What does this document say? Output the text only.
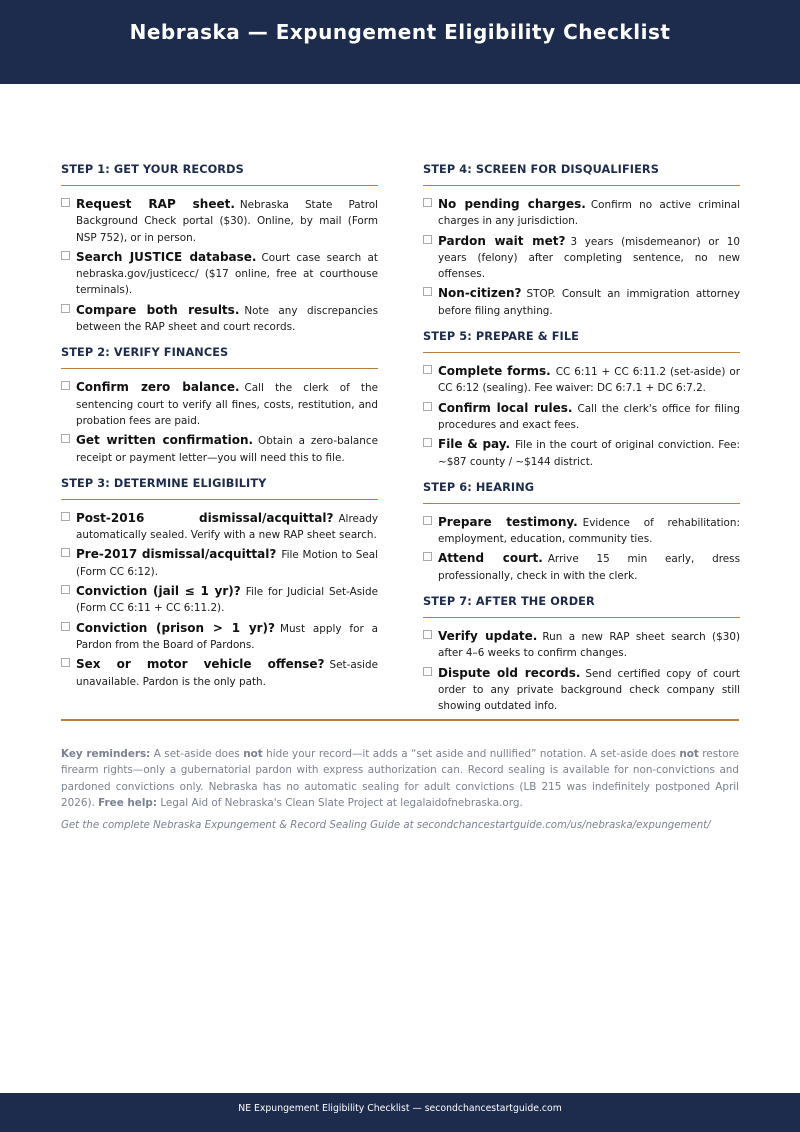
Nebraska — Expungement Eligibility Checklist
STEP 1: GET YOUR RECORDS
Request RAP sheet. Nebraska State Patrol Background Check portal ($30). Online, by mail (Form NSP 752), or in person.
Search JUSTICE database. Court case search at nebraska.gov/justicecc/ ($17 online, free at courthouse terminals).
Compare both results. Note any discrepancies between the RAP sheet and court records.
STEP 2: VERIFY FINANCES
Confirm zero balance. Call the clerk of the sentencing court to verify all fines, costs, restitution, and probation fees are paid.
Get written confirmation. Obtain a zero-balance receipt or payment letter—you will need this to file.
STEP 3: DETERMINE ELIGIBILITY
Post-2016 dismissal/acquittal? Already automatically sealed. Verify with a new RAP sheet search.
Pre-2017 dismissal/acquittal? File Motion to Seal (Form CC 6:12).
Conviction (jail ≤ 1 yr)? File for Judicial Set-Aside (Form CC 6:11 + CC 6:11.2).
Conviction (prison > 1 yr)? Must apply for a Pardon from the Board of Pardons.
Sex or motor vehicle offense? Set-aside unavailable. Pardon is the only path.
STEP 4: SCREEN FOR DISQUALIFIERS
No pending charges. Confirm no active criminal charges in any jurisdiction.
Pardon wait met? 3 years (misdemeanor) or 10 years (felony) after completing sentence, no new offenses.
Non-citizen? STOP. Consult an immigration attorney before filing anything.
STEP 5: PREPARE & FILE
Complete forms. CC 6:11 + CC 6:11.2 (set-aside) or CC 6:12 (sealing). Fee waiver: DC 6:7.1 + DC 6:7.2.
Confirm local rules. Call the clerk's office for filing procedures and exact fees.
File & pay. File in the court of original conviction. Fee: ∼$87 county / ∼$144 district.
STEP 6: HEARING
Prepare testimony. Evidence of rehabilitation: employment, education, community ties.
Attend court. Arrive 15 min early, dress professionally, check in with the clerk.
STEP 7: AFTER THE ORDER
Verify update. Run a new RAP sheet search ($30) after 4–6 weeks to confirm changes.
Dispute old records. Send certified copy of court order to any private background check company still showing outdated info.
Key reminders: A set-aside does not hide your record—it adds a “set aside and nullified” notation. A set-aside does not restore firearm rights—only a gubernatorial pardon with express authorization can. Record sealing is available for non-convictions and pardoned convictions only. Nebraska has no automatic sealing for adult convictions (LB 215 was indefinitely postponed April 2026). Free help: Legal Aid of Nebraska's Clean Slate Project at legalaidofnebraska.org.
Get the complete Nebraska Expungement & Record Sealing Guide at secondchancestartguide.com/us/nebraska/expungement/
NE Expungement Eligibility Checklist — secondchancestartguide.com
